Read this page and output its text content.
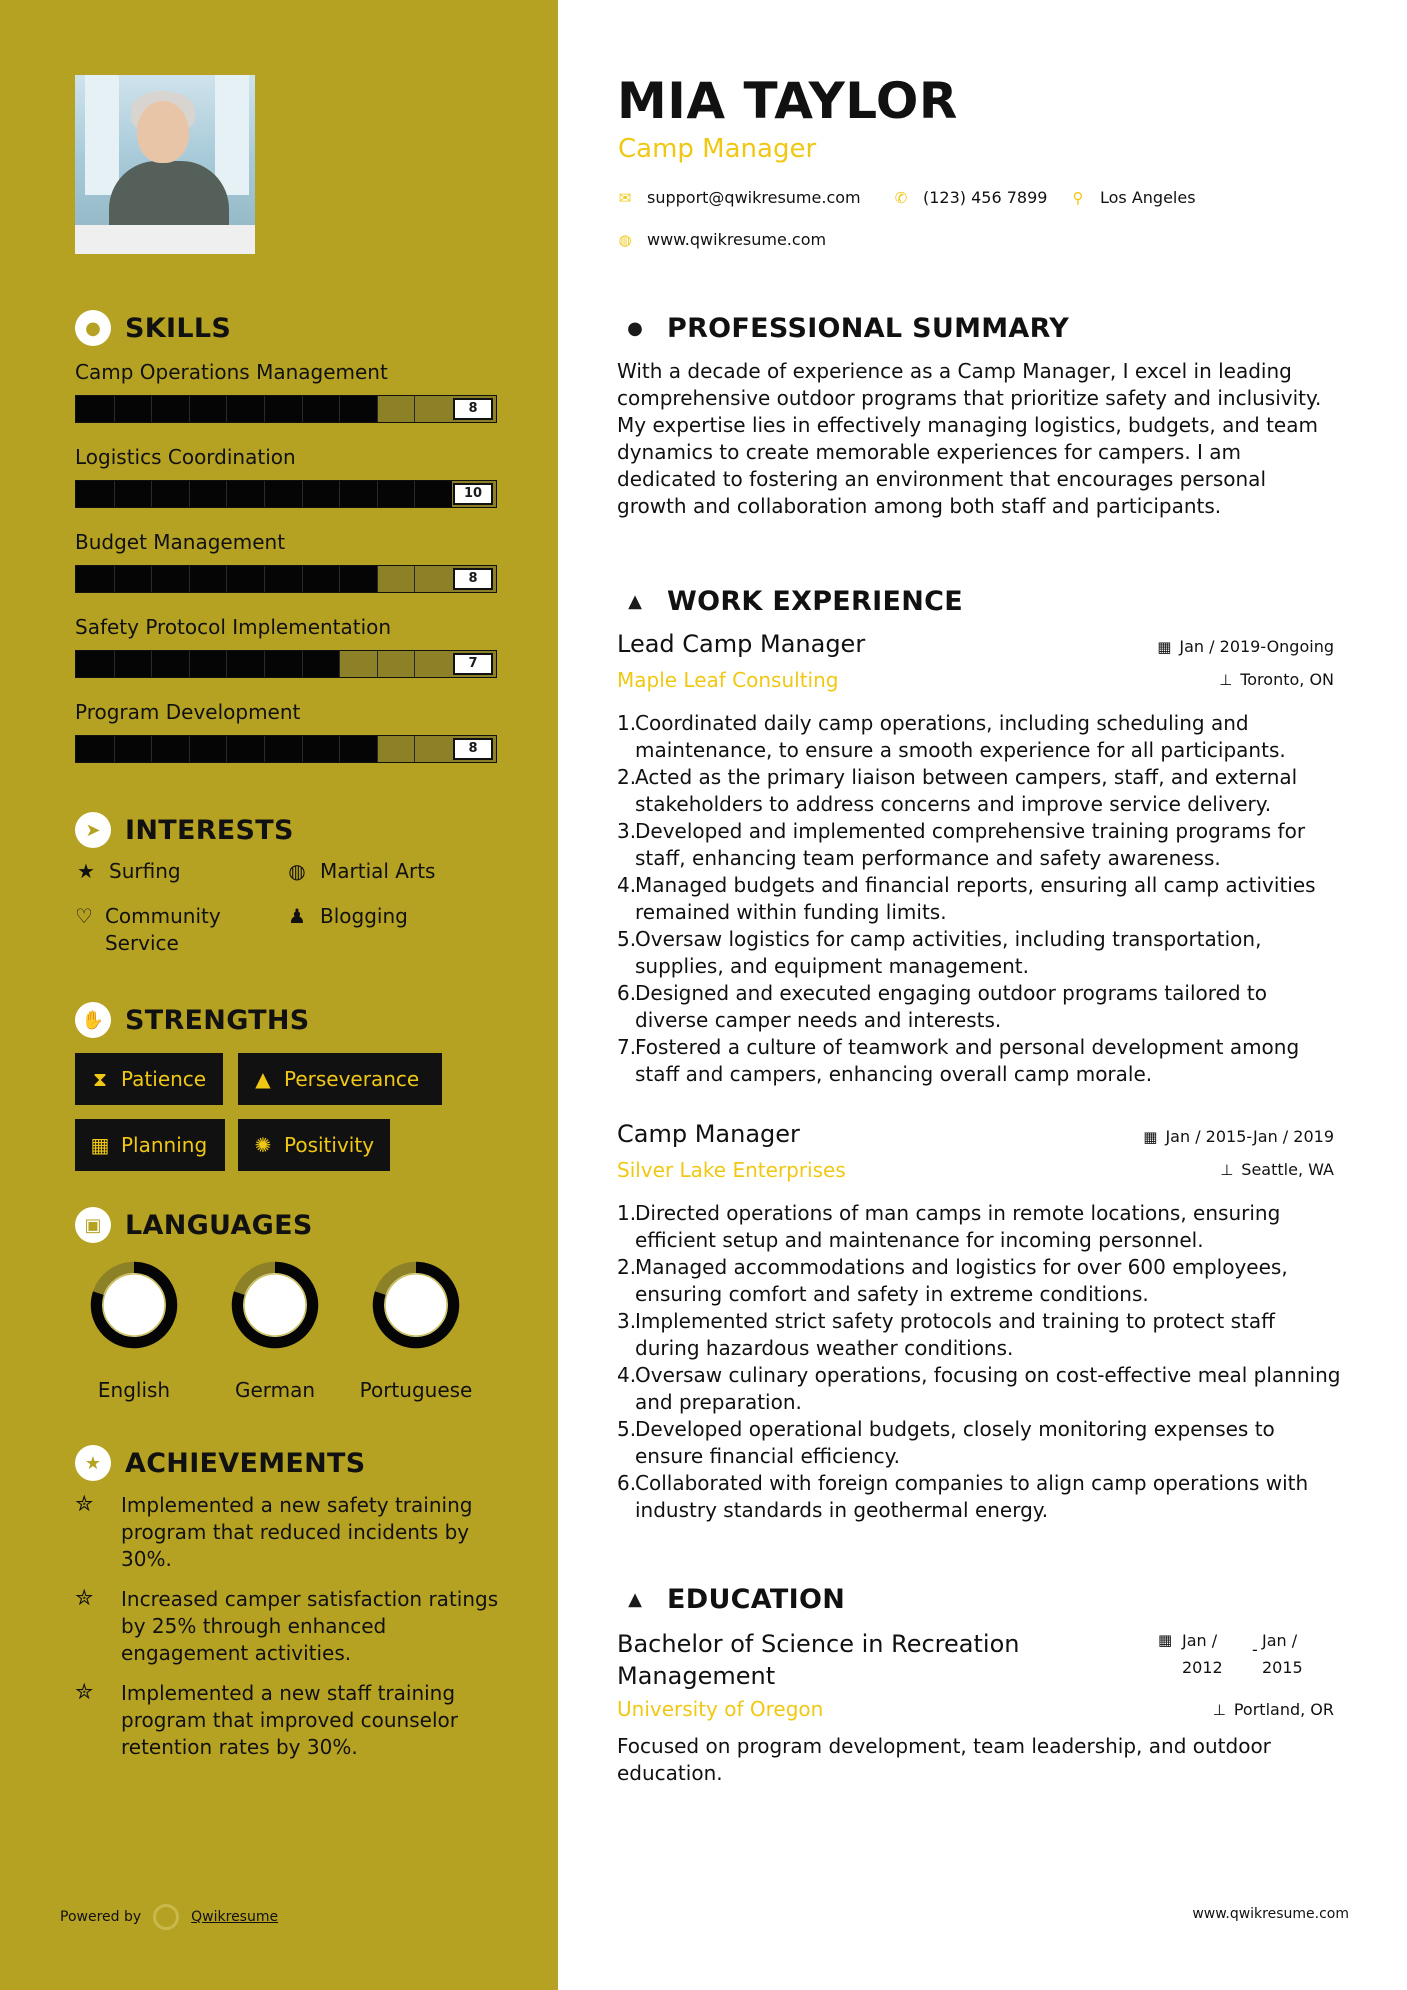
● SKILLS
Camp Operations Management
8
Logistics Coordination
10
Budget Management
8
Safety Protocol Implementation
7
Program Development
8
➤ INTERESTS
★ Surfing	◍ Martial Arts
♡ Community Service
♟ Blogging
✋ STRENGTHS
⧗ Patience ▲ Perseverance
▦ Planning ✺ Positivity
▣ LANGUAGES
English	German	Portuguese
★ ACHIEVEMENTS
✮	Implemented a new safety training program that reduced incidents by 30%.
✮	Increased camper satisfaction ratings by 25% through enhanced engagement activities.
✮	Implemented a new staff training program that improved counselor retention rates by 30%.
Powered by	Qwikresume
MIA TAYLOR
Camp Manager
✉ support@qwikresume.com ✆ (123) 456 7899 ⚲ Los Angeles
◍ www.qwikresume.com
● PROFESSIONAL SUMMARY
With a decade of experience as a Camp Manager, I excel in leading comprehensive outdoor programs that prioritize safety and inclusivity. My expertise lies in effectively managing logistics, budgets, and team dynamics to create memorable experiences for campers. I am dedicated to fostering an environment that encourages personal growth and collaboration among both staff and participants.
▲ WORK EXPERIENCE
Lead Camp Manager	▦ Jan / 2019-Ongoing
Maple Leaf Consulting	⊥ Toronto, ON
1.
Coordinated daily camp operations, including scheduling and maintenance, to ensure a smooth experience for all participants.
2.
Acted as the primary liaison between campers, staff, and external stakeholders to address concerns and improve service delivery.
3.
Developed and implemented comprehensive training programs for staff, enhancing team performance and safety awareness.
4.
Managed budgets and financial reports, ensuring all camp activities remained within funding limits.
5.
Oversaw logistics for camp activities, including transportation, supplies, and equipment management.
6.
Designed and executed engaging outdoor programs tailored to diverse camper needs and interests.
7.
Fostered a culture of teamwork and personal development among staff and campers, enhancing overall camp morale.
Camp Manager	▦ Jan / 2015-Jan / 2019
Silver Lake Enterprises	⊥ Seattle, WA
1.
Directed operations of man camps in remote locations, ensuring efficient setup and maintenance for incoming personnel.
2.
Managed accommodations and logistics for over 600 employees, ensuring comfort and safety in extreme conditions.
3.
Implemented strict safety protocols and training to protect staff during hazardous weather conditions.
4.
Oversaw culinary operations, focusing on cost-effective meal planning and preparation.
5.
Developed operational budgets, closely monitoring expenses to ensure financial efficiency.
6.
Collaborated with foreign companies to align camp operations with industry standards in geothermal energy.
▲ EDUCATION
Bachelor of Science in Recreation Management
▦ Jan /
2012
- Jan /
2015
University of Oregon	⊥ Portland, OR
Focused on program development, team leadership, and outdoor education.
www.qwikresume.com
